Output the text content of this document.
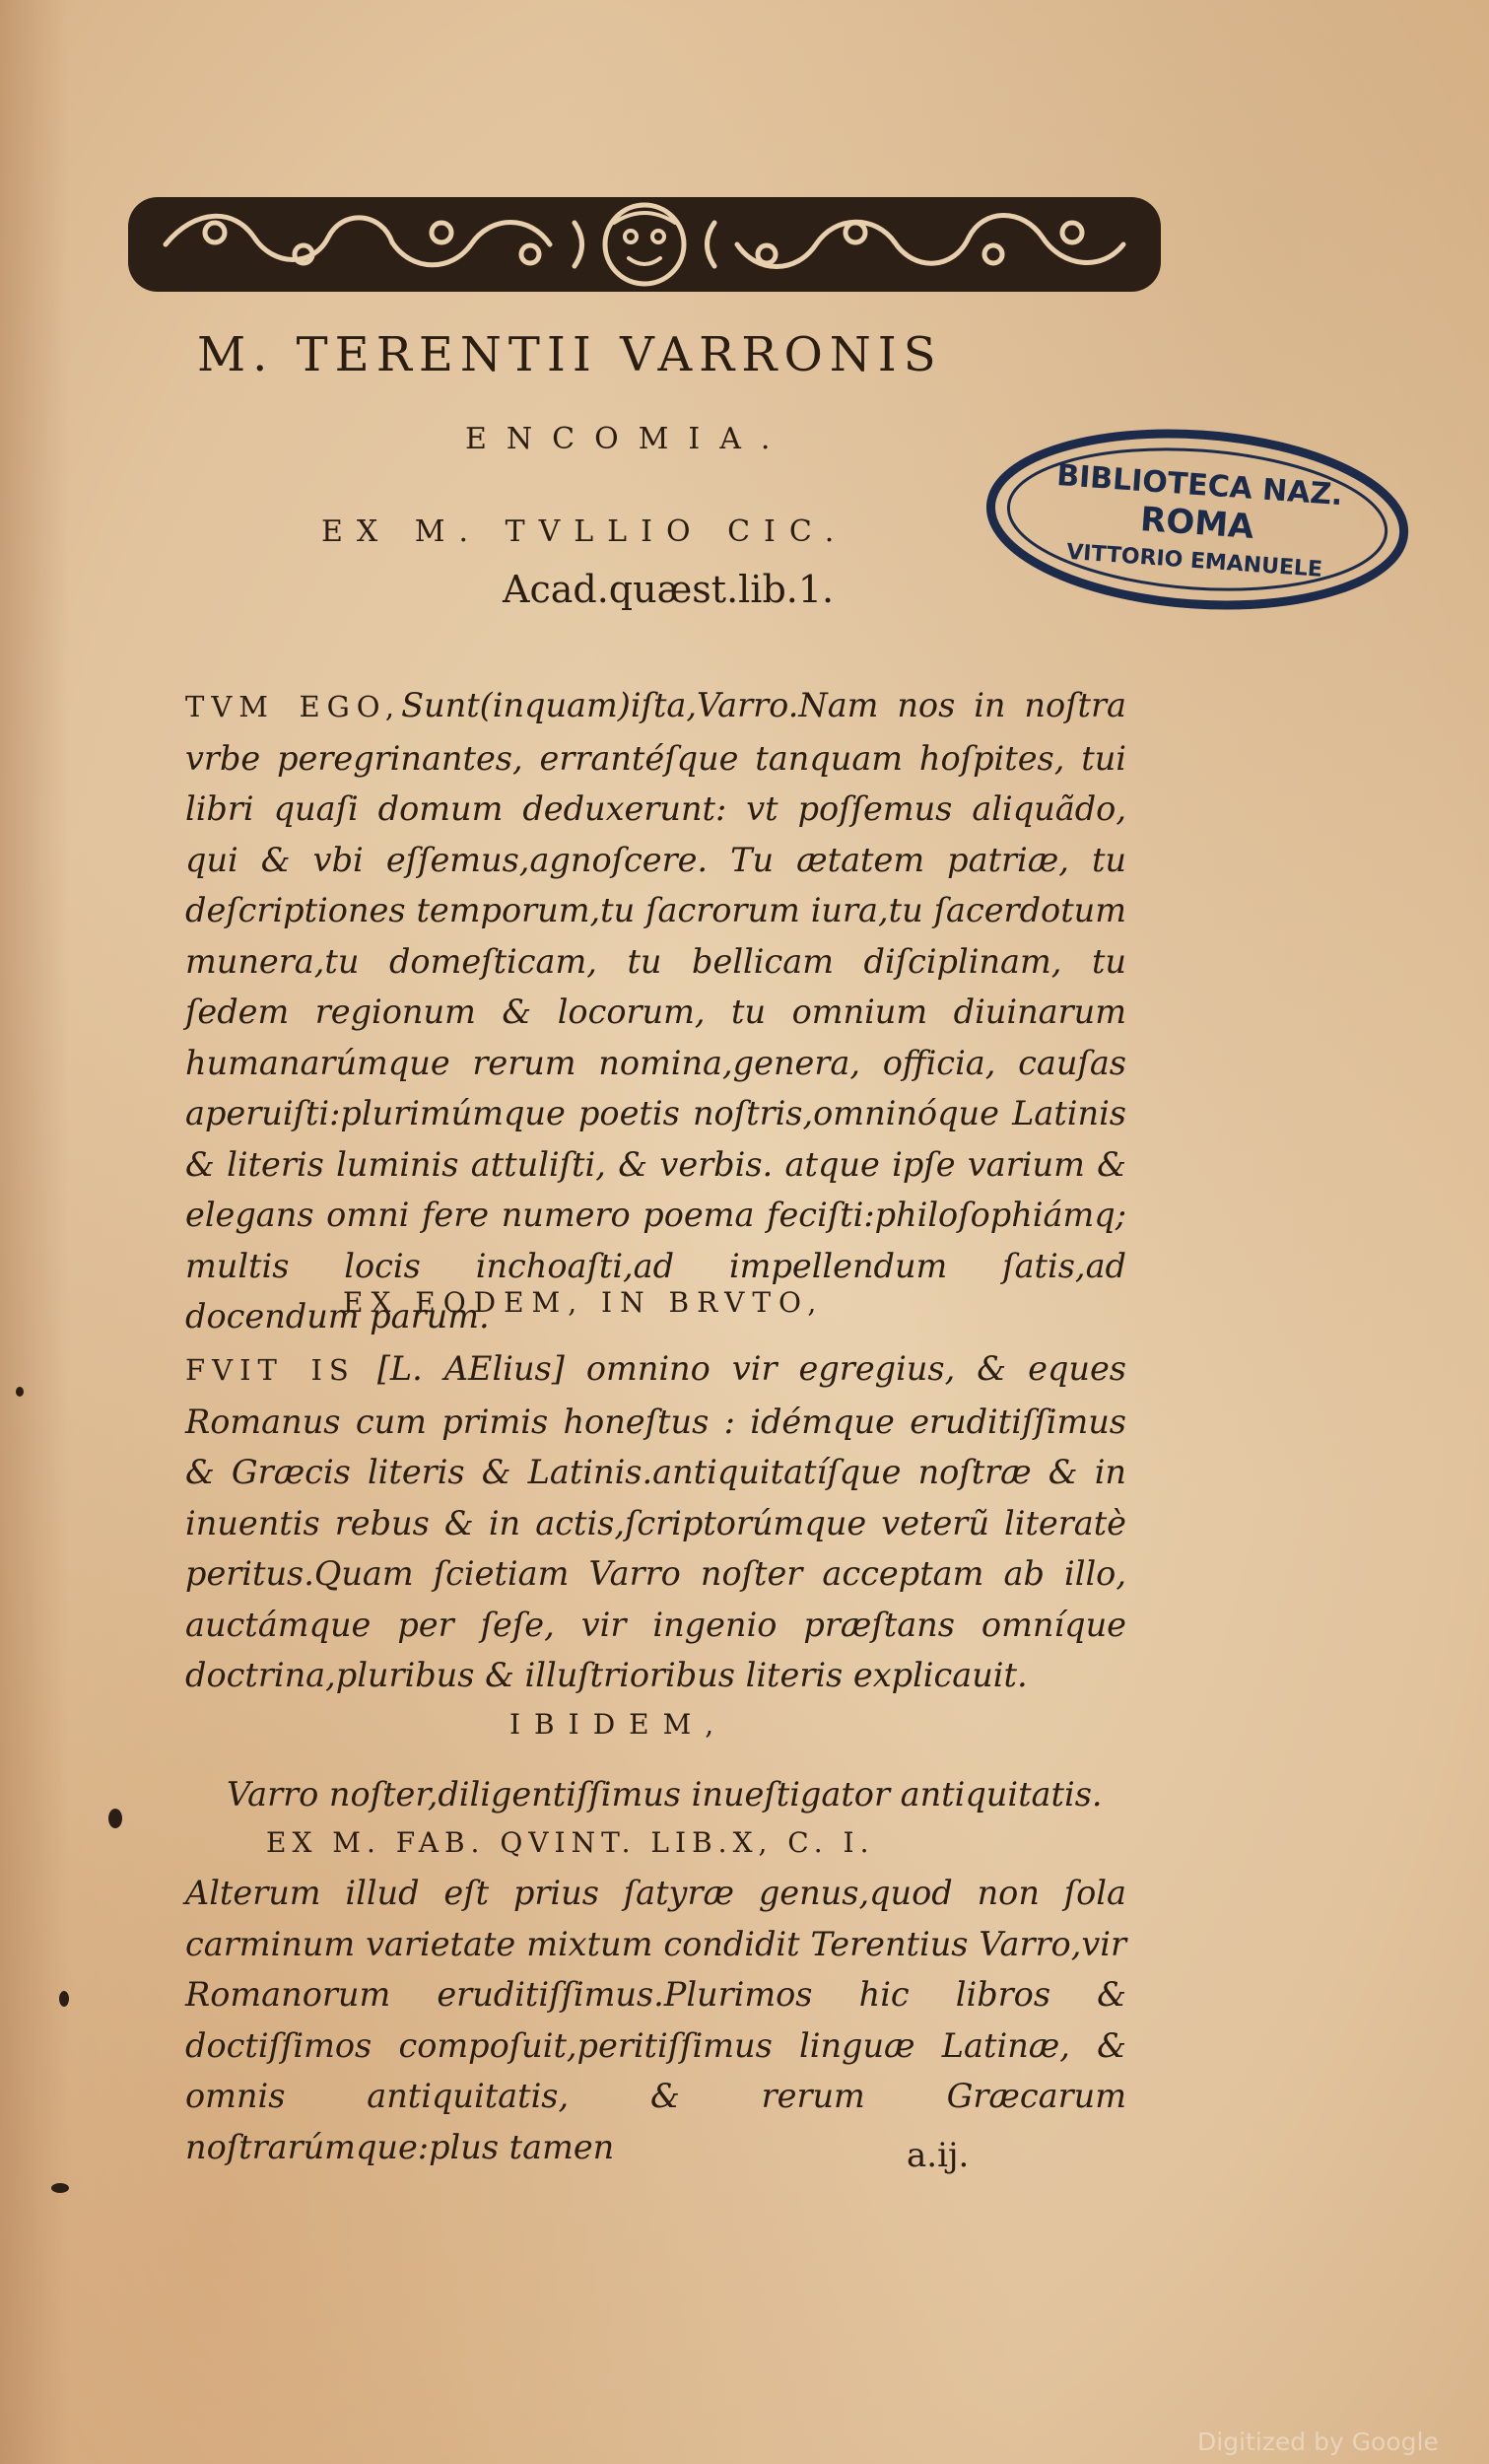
M. TERENTII VARRONIS
ENCOMIA.
EX M. TVLLIO CIC.
Acad.quæst.lib.1.

TVM EGO,Sunt(inquam)iſta,Varro.Nam nos in noſtra vrbe peregrinantes, errantéſque tanquam hoſpites, tui libri quaſi domum deduxerunt: vt poſſemus aliquãdo, qui & vbi eſſemus,agnoſcere. Tu ætatem patriæ, tu deſcriptiones temporum,tu ſacrorum iura,tu ſacerdotum munera,tu domeſticam, tu bellicam diſciplinam, tu ſedem regionum & locorum, tu omnium diuinarum humanarúmque rerum nomina,genera, officia, cauſas aperuiſti:plurimúmque poetis noſtris,omninóque Latinis & literis luminis attuliſti, & verbis. atque ipſe varium & elegans omni fere numero poema feciſti:philoſophiámq; multis locis inchoaſti,ad impellendum ſatis,ad docendum parum.

EX EODEM, IN BRVTO,

FVIT IS [L. AElius] omnino vir egregius, & eques Romanus cum primis honeſtus : idémque eruditiſſimus & Græcis literis & Latinis.antiquitatíſque noſtræ & in inuentis rebus & in actis,ſcriptorúmque veterũ literatè peritus.Quam ſcietiam Varro noſter acceptam ab illo, auctámque per ſeſe, vir ingenio præſtans omníque doctrina,pluribus & illuſtrioribus literis explicauit.

IBIDEM,

Varro noſter,diligentiſſimus inueſtigator antiquitatis.

EX M. FAB. QVINT. LIB.X, C. I.

Alterum illud eſt prius ſatyræ genus,quod non ſola carminum varietate mixtum condidit Terentius Varro,vir Romanorum eruditiſſimus.Plurimos hic libros & doctiſſimos compoſuit,peritiſſimus linguæ Latinæ, & omnis antiquitatis, & rerum Græcarum noſtrarúmque:plus tamen	a.ij.
BIBLIOTECA NAZ.
ROMA
VITTORIO EMANUELE
Digitized by Google
